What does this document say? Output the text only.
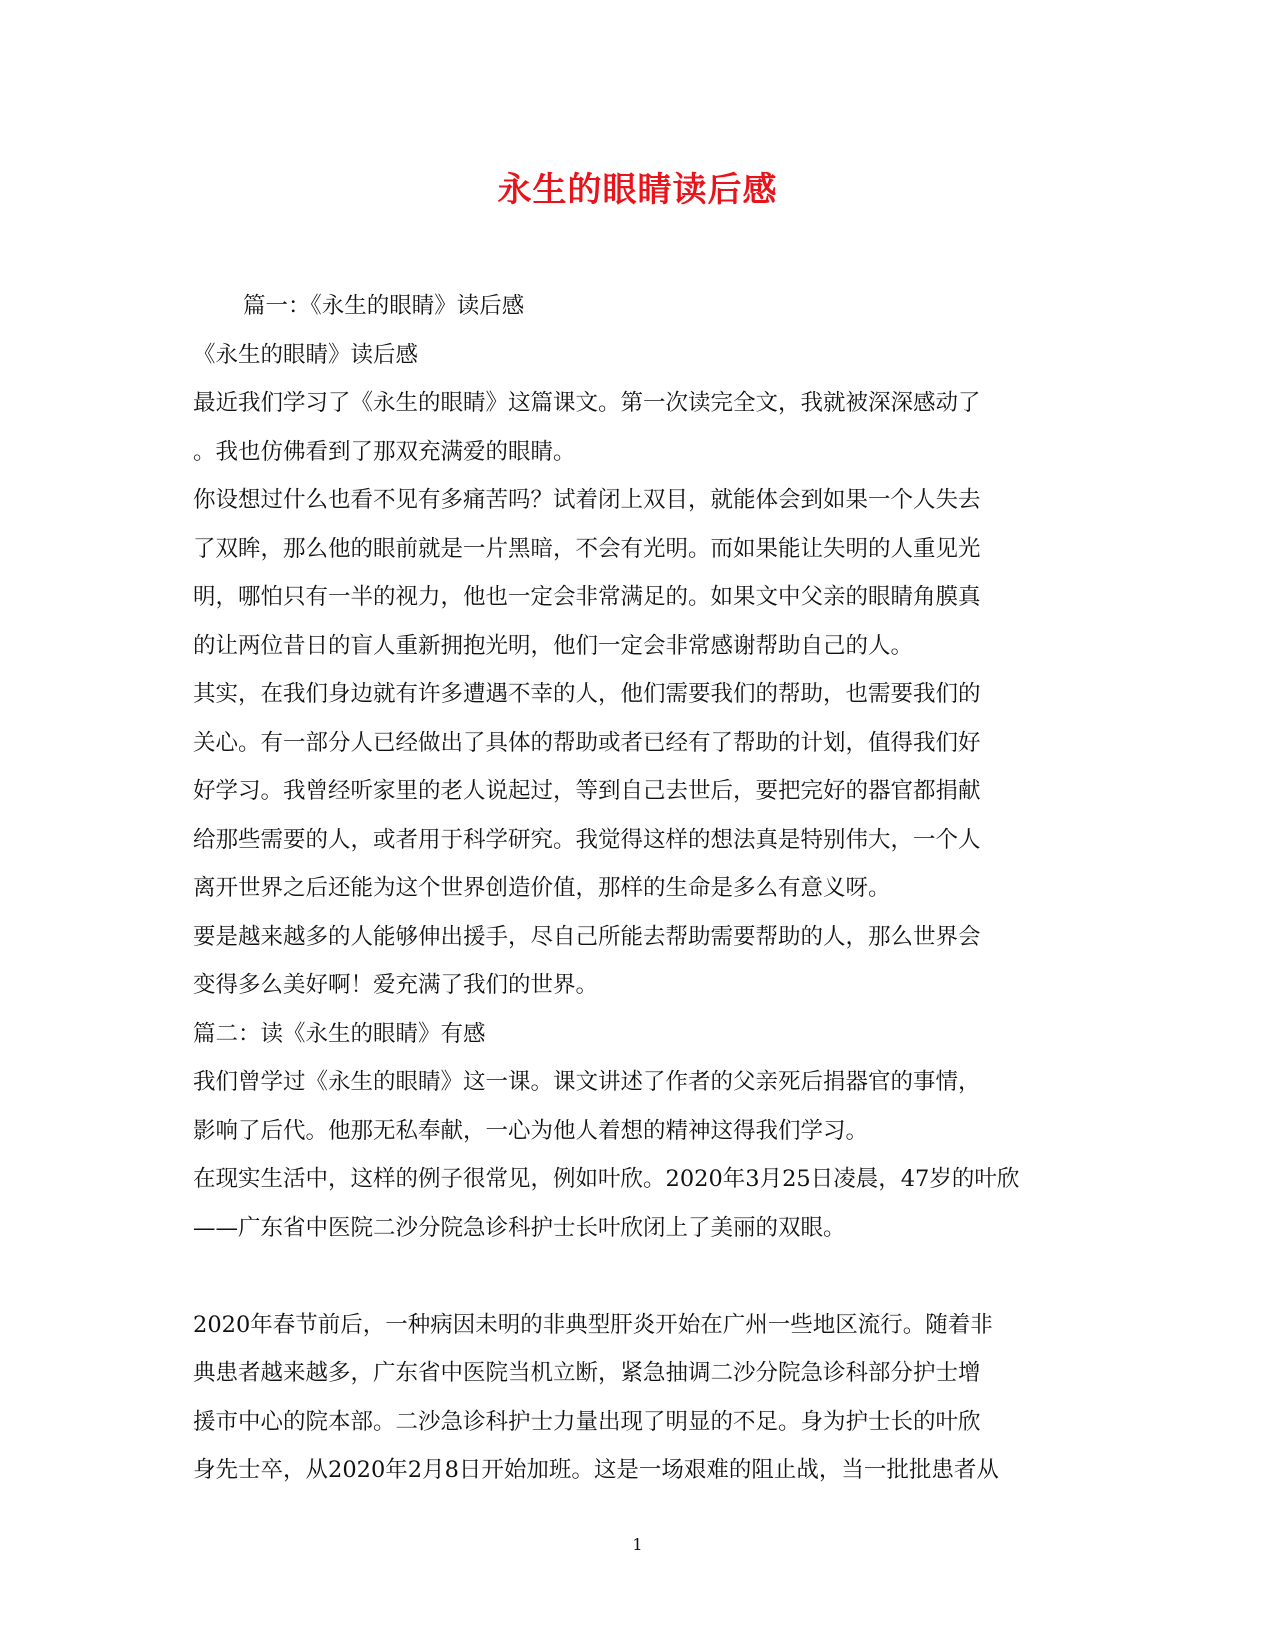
永生的眼睛读后感
篇一：《永生的眼睛》读后感
《永生的眼睛》读后感
最近我们学习了《永生的眼睛》这篇课文。第一次读完全文，我就被深深感动了
。我也仿佛看到了那双充满爱的眼睛。
你设想过什么也看不见有多痛苦吗？试着闭上双目，就能体会到如果一个人失去
了双眸，那么他的眼前就是一片黑暗，不会有光明。而如果能让失明的人重见光
明，哪怕只有一半的视力，他也一定会非常满足的。如果文中父亲的眼睛角膜真
的让两位昔日的盲人重新拥抱光明，他们一定会非常感谢帮助自己的人。
其实，在我们身边就有许多遭遇不幸的人，他们需要我们的帮助，也需要我们的
关心。有一部分人已经做出了具体的帮助或者已经有了帮助的计划，值得我们好
好学习。我曾经听家里的老人说起过，等到自己去世后，要把完好的器官都捐献
给那些需要的人，或者用于科学研究。我觉得这样的想法真是特别伟大，一个人
离开世界之后还能为这个世界创造价值，那样的生命是多么有意义呀。
要是越来越多的人能够伸出援手，尽自己所能去帮助需要帮助的人，那么世界会
变得多么美好啊！爱充满了我们的世界。
篇二：读《永生的眼睛》有感
我们曾学过《永生的眼睛》这一课。课文讲述了作者的父亲死后捐器官的事情，
影响了后代。他那无私奉献，一心为他人着想的精神这得我们学习。
在现实生活中，这样的例子很常见，例如叶欣。2020年3月25日凌晨，47岁的叶欣
——广东省中医院二沙分院急诊科护士长叶欣闭上了美丽的双眼。
2020年春节前后，一种病因未明的非典型肝炎开始在广州一些地区流行。随着非
典患者越来越多，广东省中医院当机立断，紧急抽调二沙分院急诊科部分护士增
援市中心的院本部。二沙急诊科护士力量出现了明显的不足。身为护士长的叶欣
身先士卒，从2020年2月8日开始加班。这是一场艰难的阻止战，当一批批患者从
1
